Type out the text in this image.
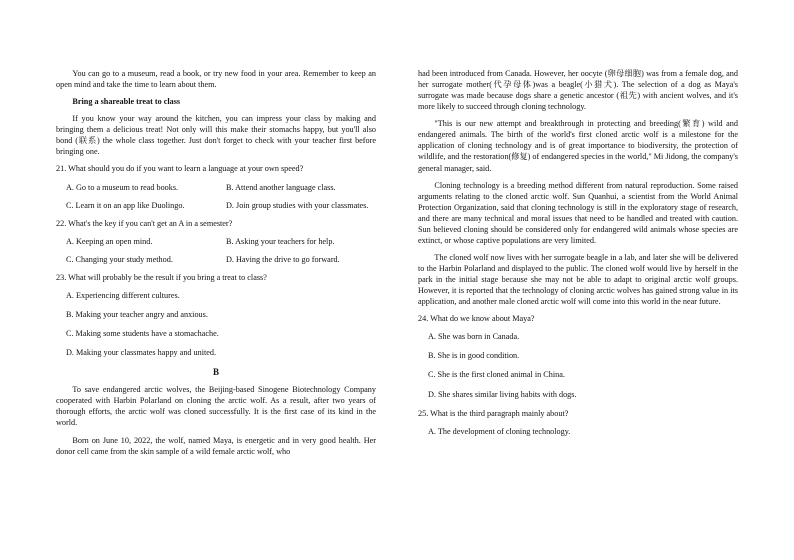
You can go to a museum, read a book, or try new food in your area. Remember to keep an open mind and take the time to learn about them.

Bring a shareable treat to class

If you know your way around the kitchen, you can impress your class by making and bringing them a delicious treat! Not only will this make their stomachs happy, but you'll also bond (联系) the whole class together. Just don't forget to check with your teacher first before bringing one.

21. What should you do if you want to learn a language at your own speed?
A. Go to a museum to read books.	B. Attend another language class.
C. Learn it on an app like Duolingo.	D. Join group studies with your classmates.
22. What's the key if you can't get an A in a semester?
A. Keeping an open mind.	B. Asking your teachers for help.
C. Changing your study method.	D. Having the drive to go forward.
23. What will probably be the result if you bring a treat to class?
A. Experiencing different cultures.
B. Making your teacher angry and anxious.
C. Making some students have a stomachache.
D. Making your classmates happy and united.
B

To save endangered arctic wolves, the Beijing-based Sinogene Biotechnology Company cooperated with Harbin Polarland on cloning the arctic wolf. As a result, after two years of thorough efforts, the arctic wolf was cloned successfully. It is the first case of its kind in the world.

Born on June 10, 2022, the wolf, named Maya, is energetic and in very good health. Her donor cell came from the skin sample of a wild female arctic wolf, who

had been introduced from Canada. However, her oocyte (卵母细胞) was from a female dog, and her surrogate mother(代孕母体)was a beagle(小猎犬). The selection of a dog as Maya's surrogate was made because dogs share a genetic ancestor (祖先) with ancient wolves, and it's more likely to succeed through cloning technology.

"This is our new attempt and breakthrough in protecting and breeding(繁育) wild and endangered animals. The birth of the world's first cloned arctic wolf is a milestone for the application of cloning technology and is of great importance to biodiversity, the protection of wildlife, and the restoration(修复) of endangered species in the world," Mi Jidong, the company's general manager, said.

Cloning technology is a breeding method different from natural reproduction. Some raised arguments relating to the cloned arctic wolf. Sun Quanhui, a scientist from the World Animal Protection Organization, said that cloning technology is still in the exploratory stage of research, and there are many technical and moral issues that need to be handled and treated with caution. Sun believed cloning should be considered only for endangered wild animals whose species are extinct, or whose captive populations are very limited.

The cloned wolf now lives with her surrogate beagle in a lab, and later she will be delivered to the Harbin Polarland and displayed to the public. The cloned wolf would live by herself in the park in the initial stage because she may not be able to adapt to original arctic wolf groups. However, it is reported that the technology of cloning arctic wolves has gained strong value in its application, and another male cloned arctic wolf will come into this world in the near future.

24. What do we know about Maya?
A. She was born in Canada.
B. She is in good condition.
C. She is the first cloned animal in China.
D. She shares similar living habits with dogs.
25. What is the third paragraph mainly about?
A. The development of cloning technology.
